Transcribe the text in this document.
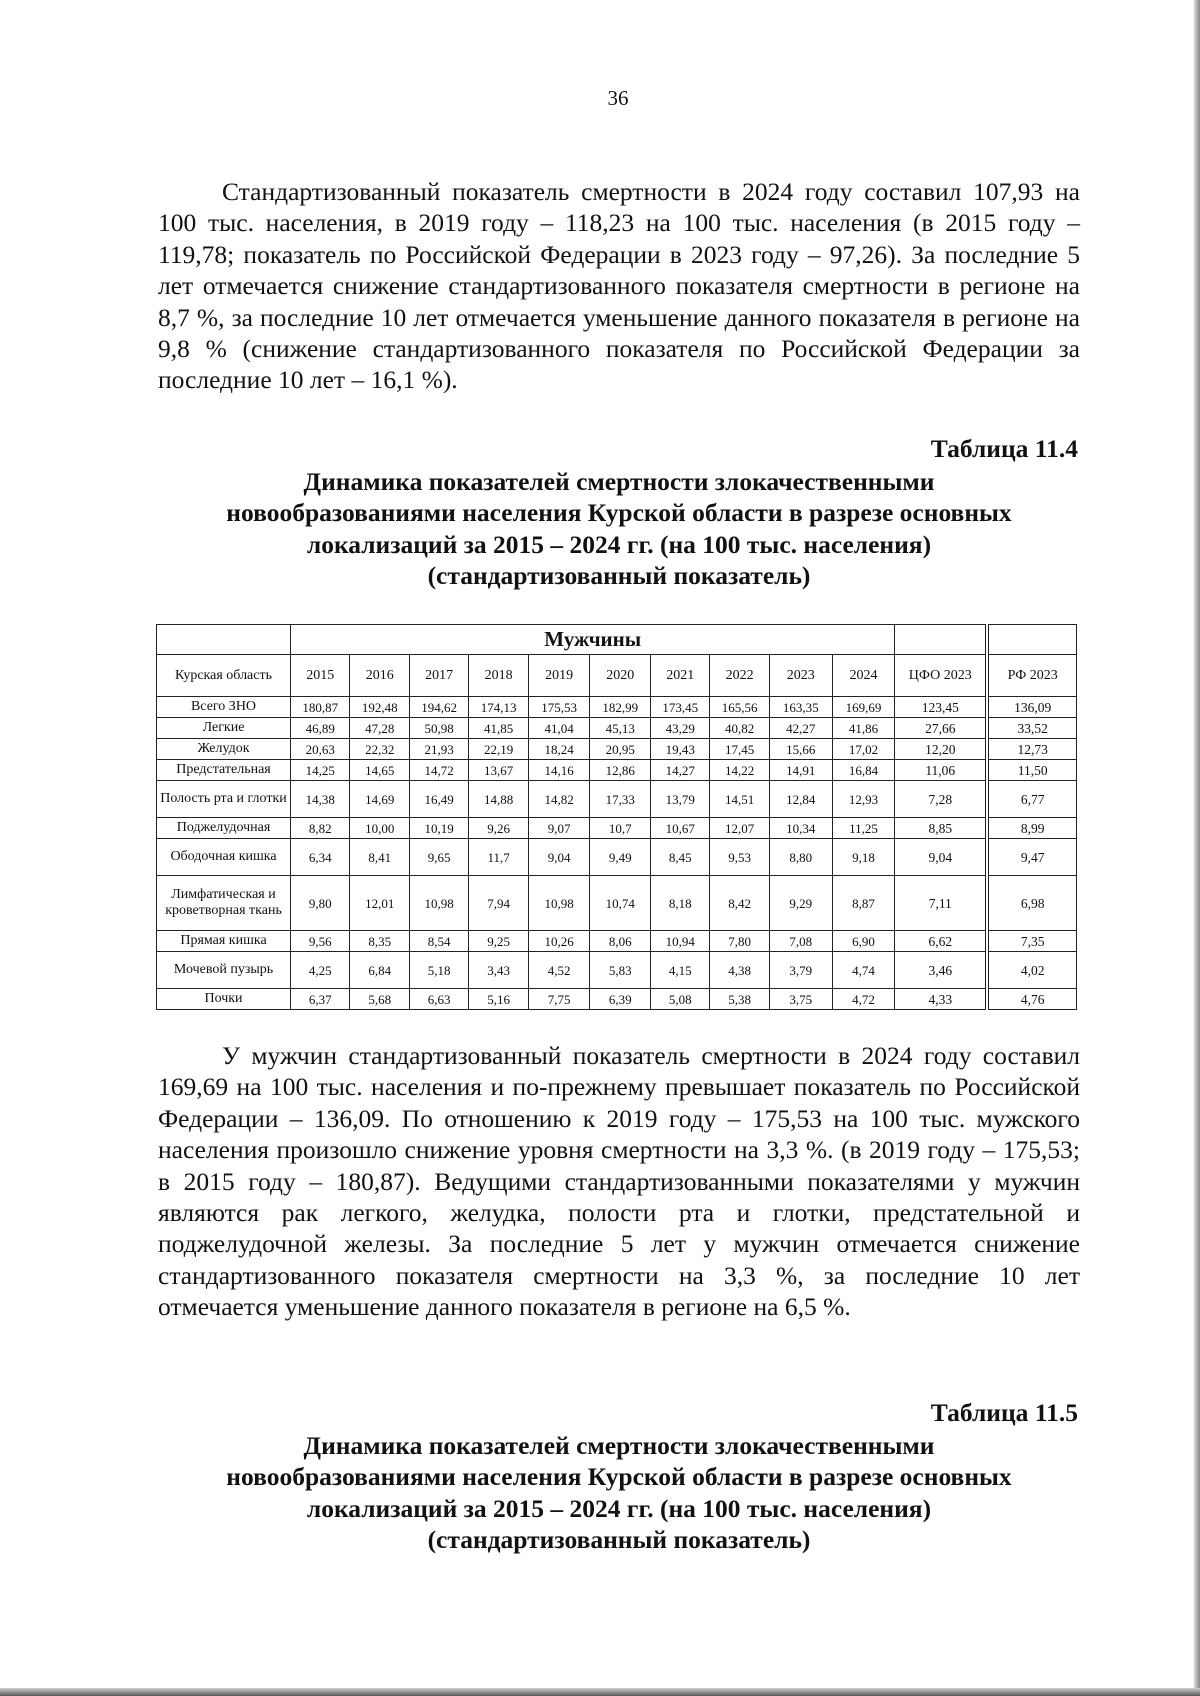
36

Стандартизованный показатель смертности в 2024 году составил 107,93 на 100 тыс. населения, в 2019 году – 118,23 на 100 тыс. населения (в 2015 году – 119,78; показатель по Российской Федерации в 2023 году – 97,26). За последние 5 лет отмечается снижение стандартизованного показателя смертности в регионе на 8,7 %, за последние 10 лет отмечается уменьшение данного показателя в регионе на 9,8 % (снижение стандартизованного показателя по Российской Федерации за последние 10 лет – 16,1 %).

Таблица 11.4
Динамика показателей смертности злокачественными
новообразованиями населения Курской области в разрезе основных
локализаций за 2015 – 2024 гг. (на 100 тыс. населения)
(стандартизованный показатель)
	Мужчины												
Курская область	2015	2016	2017	2018	2019	2020	2021	2022	2023	2024	ЦФО 2023		РФ 2023
Всего ЗНО	180,87	192,48	194,62	174,13	175,53	182,99	173,45	165,56	163,35	169,69	123,45		136,09
Легкие	46,89	47,28	50,98	41,85	41,04	45,13	43,29	40,82	42,27	41,86	27,66		33,52
Желудок	20,63	22,32	21,93	22,19	18,24	20,95	19,43	17,45	15,66	17,02	12,20		12,73
Предстательная	14,25	14,65	14,72	13,67	14,16	12,86	14,27	14,22	14,91	16,84	11,06		11,50
Полость рта и глотки	14,38	14,69	16,49	14,88	14,82	17,33	13,79	14,51	12,84	12,93	7,28		6,77
Поджелудочная	8,82	10,00	10,19	9,26	9,07	10,7	10,67	12,07	10,34	11,25	8,85		8,99
Ободочная кишка	6,34	8,41	9,65	11,7	9,04	9,49	8,45	9,53	8,80	9,18	9,04		9,47
Лимфатическая и кроветворная ткань	9,80	12,01	10,98	7,94	10,98	10,74	8,18	8,42	9,29	8,87	7,11		6,98
Прямая кишка	9,56	8,35	8,54	9,25	10,26	8,06	10,94	7,80	7,08	6,90	6,62		7,35
Мочевой пузырь	4,25	6,84	5,18	3,43	4,52	5,83	4,15	4,38	3,79	4,74	3,46		4,02
Почки	6,37	5,68	6,63	5,16	7,75	6,39	5,08	5,38	3,75	4,72	4,33		4,76

У мужчин стандартизованный показатель смертности в 2024 году составил 169,69 на 100 тыс. населения и по-прежнему превышает показатель по Российской Федерации – 136,09. По отношению к 2019 году – 175,53 на 100 тыс. мужского населения произошло снижение уровня смертности на 3,3 %. (в 2019 году – 175,53; в 2015 году – 180,87). Ведущими стандартизованными показателями у мужчин являются рак легкого, желудка, полости рта и глотки, предстательной и поджелудочной железы. За последние 5 лет у мужчин отмечается снижение стандартизованного показателя смертности на 3,3 %, за последние 10 лет отмечается уменьшение данного показателя в регионе на 6,5 %.

Таблица 11.5
Динамика показателей смертности злокачественными
новообразованиями населения Курской области в разрезе основных
локализаций за 2015 – 2024 гг. (на 100 тыс. населения)
(стандартизованный показатель)
